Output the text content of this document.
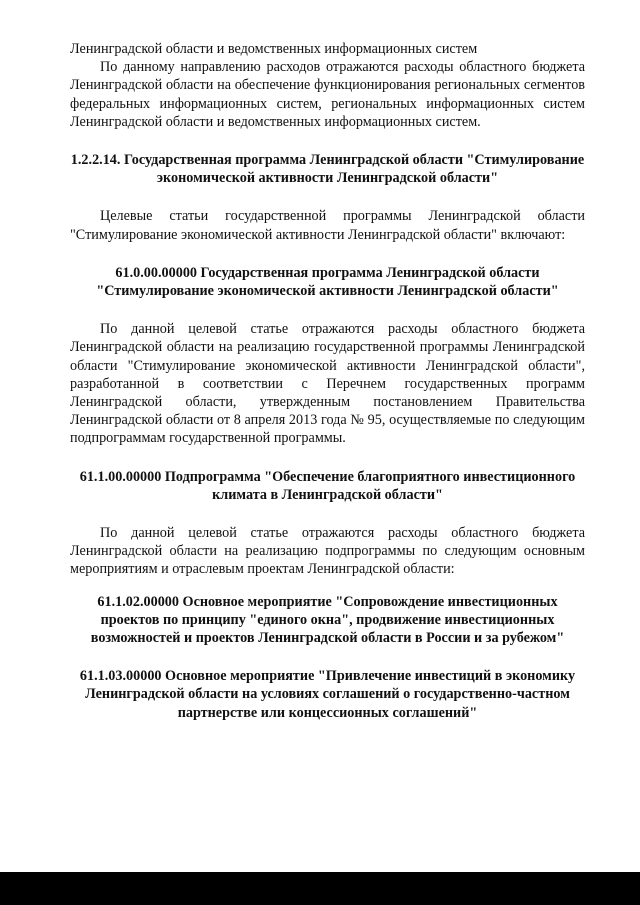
Ленинградской области и ведомственных информационных систем

По данному направлению расходов отражаются расходы областного бюджета Ленинградской области на обеспечение функционирования региональных сегментов федеральных информационных систем, региональных информационных систем Ленинградской области и ведомственных информационных систем.

1.2.2.14. Государственная программа Ленинградской области "Стимулирование экономической активности Ленинградской области"

Целевые статьи государственной программы Ленинградской области "Стимулирование экономической активности Ленинградской области" включают:

61.0.00.00000 Государственная программа Ленинградской области "Стимулирование экономической активности Ленинградской области"

По данной целевой статье отражаются расходы областного бюджета Ленинградской области на реализацию государственной программы Ленинградской области "Стимулирование экономической активности Ленинградской области", разработанной в соответствии с Перечнем государственных программ Ленинградской области, утвержденным постановлением Правительства Ленинградской области от 8 апреля 2013 года № 95, осуществляемые по следующим подпрограммам государственной программы.

61.1.00.00000 Подпрограмма "Обеспечение благоприятного инвестиционного климата в Ленинградской области"

По данной целевой статье отражаются расходы областного бюджета Ленинградской области на реализацию подпрограммы по следующим основным мероприятиям и отраслевым проектам Ленинградской области:

61.1.02.00000 Основное мероприятие "Сопровождение инвестиционных проектов по принципу "единого окна", продвижение инвестиционных возможностей и проектов Ленинградской области в России и за рубежом"

61.1.03.00000 Основное мероприятие "Привлечение инвестиций в экономику Ленинградской области на условиях соглашений о государственно-частном партнерстве или концессионных соглашений"
